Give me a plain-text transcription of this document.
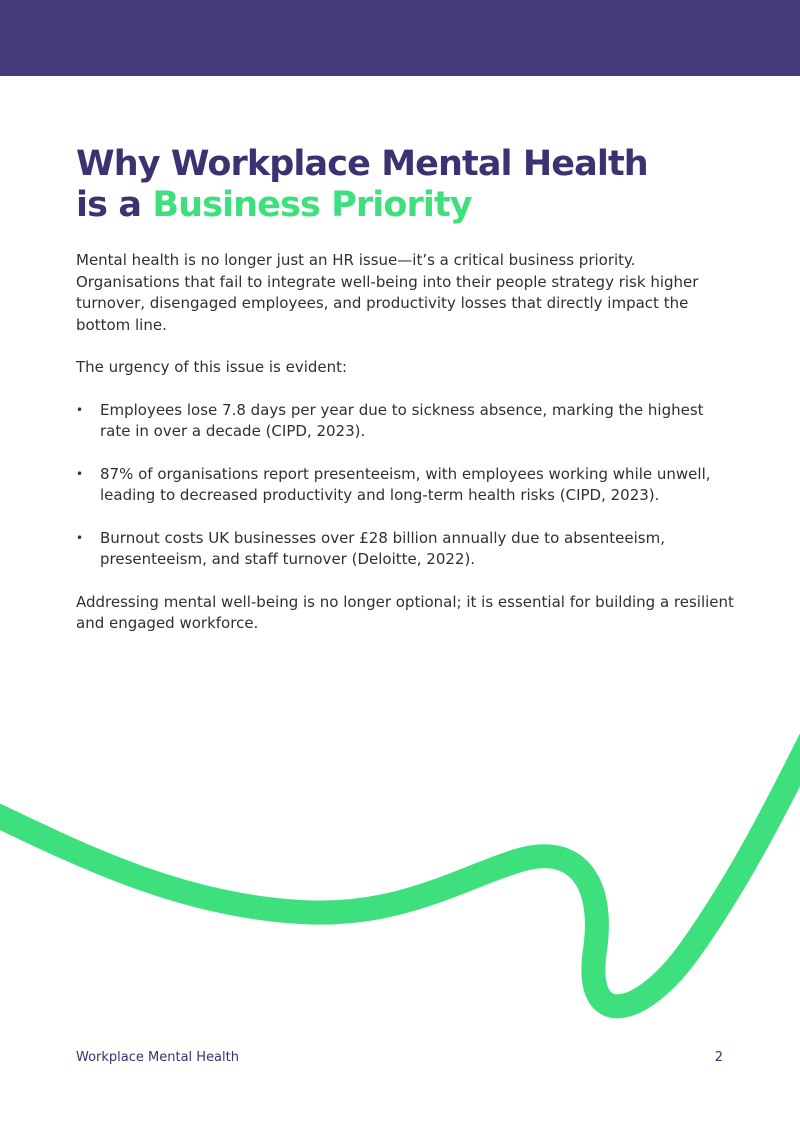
Why Workplace Mental Health
is a Business Priority

Mental health is no longer just an HR issue—it’s a critical business priority. Organisations that fail to integrate well-being into their people strategy risk higher turnover, disengaged employees, and productivity losses that directly impact the bottom line.

The urgency of this issue is evident:

• Employees lose 7.8 days per year due to sickness absence, marking the highest rate in over a decade (CIPD, 2023).
• 87% of organisations report presenteeism, with employees working while unwell, leading to decreased productivity and long-term health risks (CIPD, 2023).
• Burnout costs UK businesses over £28 billion annually due to absenteeism, presenteeism, and staff turnover (Deloitte, 2022).

Addressing mental well-being is no longer optional; it is essential for building a resilient and engaged workforce.

Workplace Mental Health	2
